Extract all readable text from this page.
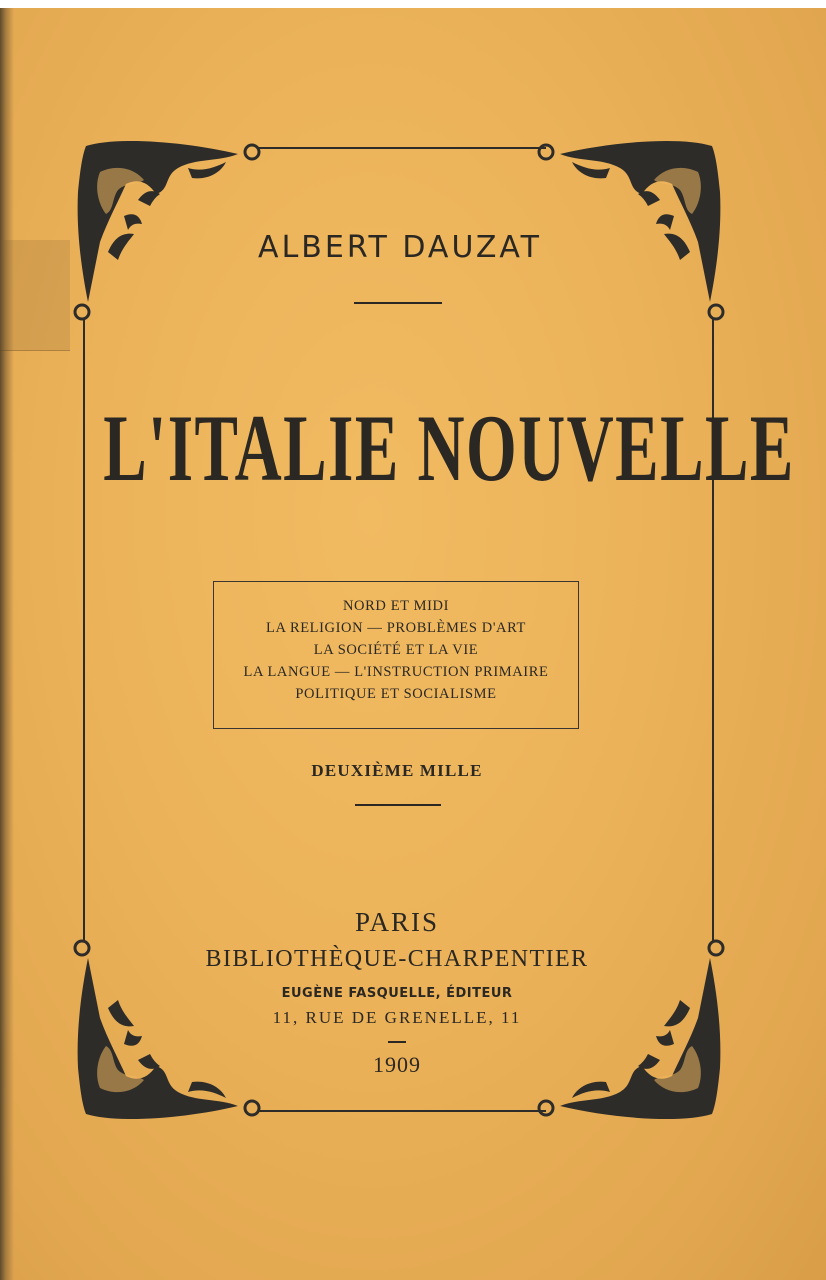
ALBERT DAUZAT
L'ITALIE NOUVELLE
NORD ET MIDI
LA RELIGION — PROBLÈMES D'ART
LA SOCIÉTÉ ET LA VIE
LA LANGUE — L'INSTRUCTION PRIMAIRE
POLITIQUE ET SOCIALISME
DEUXIÈME MILLE
PARIS
BIBLIOTHÈQUE-CHARPENTIER
EUGÈNE FASQUELLE, ÉDITEUR
11, RUE DE GRENELLE, 11
1909
